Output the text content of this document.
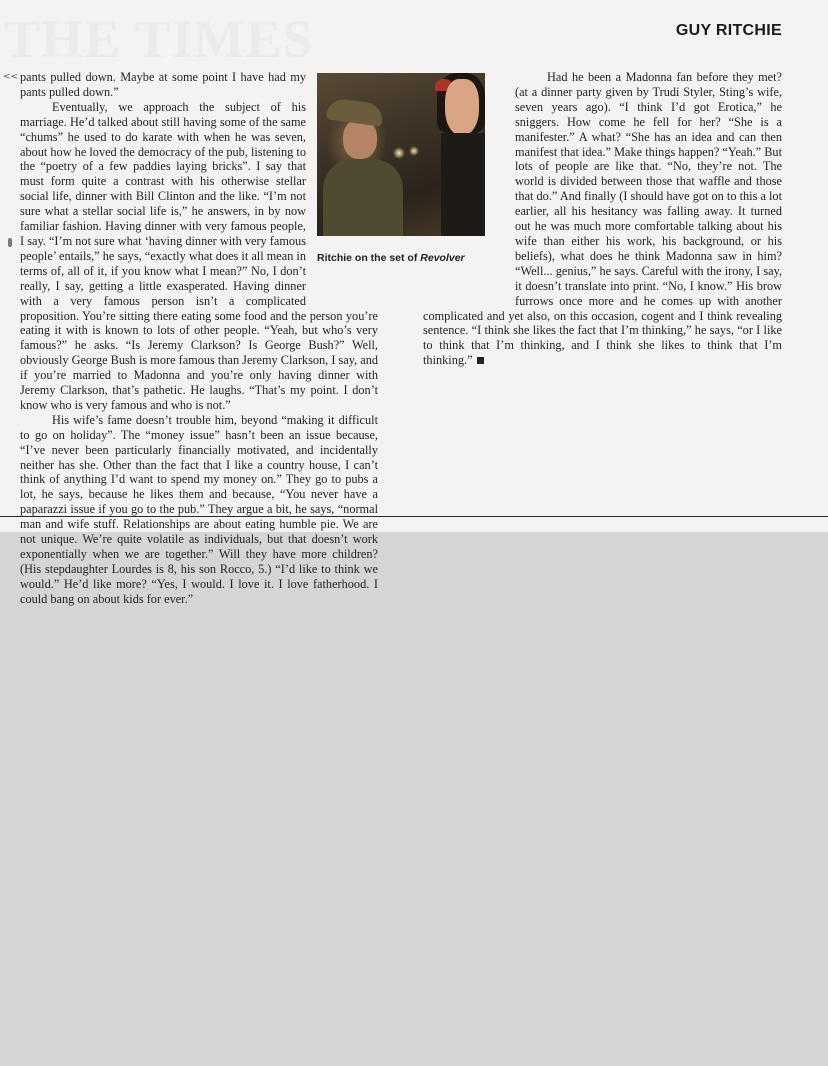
THE TIMES	GUY RITCHIE
<<
Ritchie on the set of Revolver

pants pulled down. Maybe at some point I have had my pants pulled down.”

Eventually, we approach the subject of his marriage. He’d talked about still having some of the same “chums” he used to do karate with when he was seven, about how he loved the democracy of the pub, listening to the “poetry of a few paddies laying bricks”. I say that must form quite a contrast with his otherwise stellar social life, dinner with Bill Clinton and the like. “I’m not sure what a stellar social life is,” he answers, in by now familiar fashion. Having dinner with very famous people, I say. “I’m not sure what ‘having dinner with very famous people’ entails,” he says, “exactly what does it all mean in terms of, all of it, if you know what I mean?” No, I don’t really, I say, getting a little exasperated. Having dinner with a very famous person isn’t a complicated proposition. You’re sitting there eating some food and the person you’re eating it with is known to lots of other people. “Yeah, but who’s very famous?” he asks. “Is Jeremy Clarkson? Is George Bush?” Well, obviously George Bush is more famous than Jeremy Clarkson, I say, and if you’re married to Madonna and you’re only having dinner with Jeremy Clarkson, that’s pathetic. He laughs. “That’s my point. I don’t know who is very famous and who is not.”

His wife’s fame doesn’t trouble him, beyond “making it difficult to go on holiday”. The “money issue” hasn’t been an issue because, “I’ve never been particularly financially motivated, and incidentally neither has she. Other than the fact that I like a country house, I can’t think of anything I’d want to spend my money on.” They go to pubs a lot, he says, because he likes them and because, “You never have a paparazzi issue if you go to the pub.” They argue a bit, he says, “normal man and wife stuff. Relationships are about eating humble pie. We are not unique. We’re quite volatile as individuals, but that doesn’t work exponentially when we are together.” Will they have more children? (His stepdaughter Lourdes is 8, his son Rocco, 5.) “I’d like to think we would.” He’d like more? “Yes, I would. I love it. I love fatherhood. I could bang on about kids for ever.”

Had he been a Madonna fan before they met? (at a dinner party given by Trudi Styler, Sting’s wife, seven years ago). “I think I’d got Erotica,” he sniggers. How come he fell for her? “She is a manifester.” A what? “She has an idea and can then manifest that idea.” Make things happen? “Yeah.” But lots of people are like that. “No, they’re not. The world is divided between those that waffle and those that do.” And finally (I should have got on to this a lot earlier, all his hesitancy was falling away. It turned out he was much more comfortable talking about his wife than either his work, his background, or his beliefs), what does he think Madonna saw in him? “Well... genius,” he says. Careful with the irony, I say, it doesn’t translate into print. “No, I know.” His brow furrows once more and he comes up with another complicated and yet also, on this occasion, cogent and I think revealing sentence. “I think she likes the fact that I’m thinking,” he says, “or I like to think that I’m thinking, and I think she likes to think that I’m thinking.”
